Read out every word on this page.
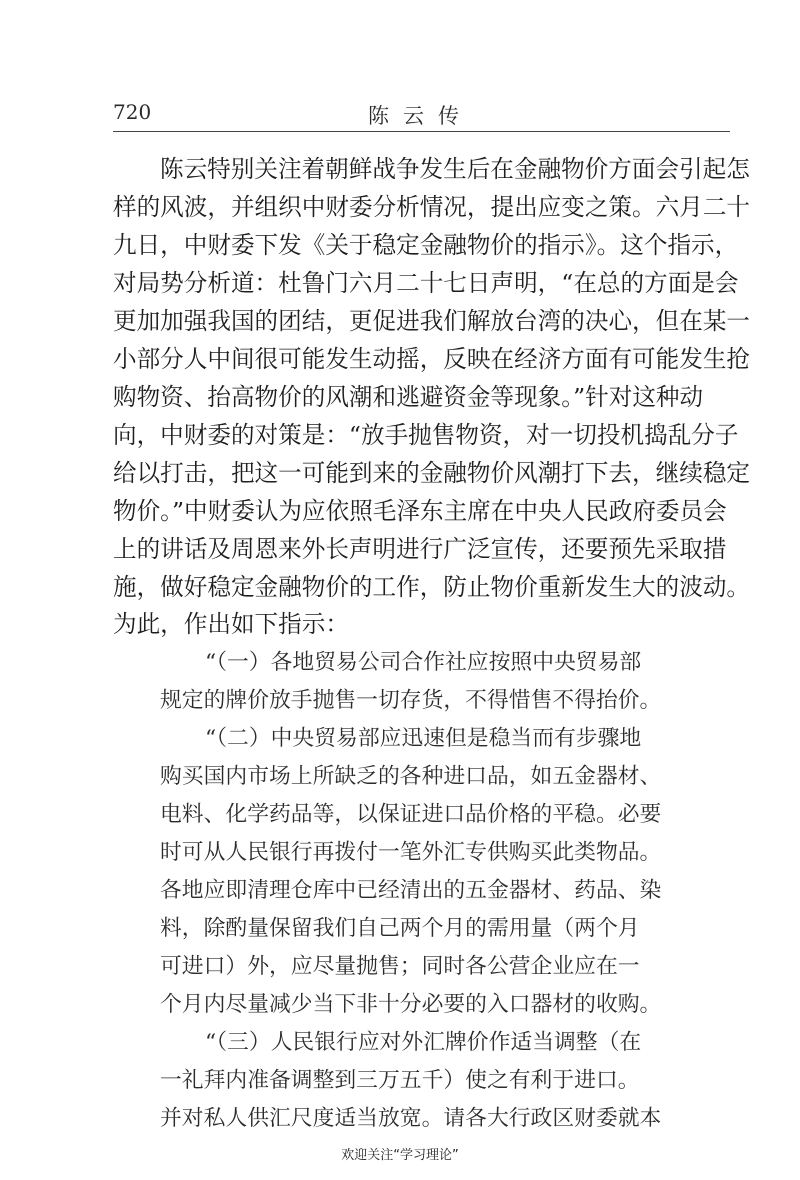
720	陈云传
陈云特别关注着朝鲜战争发生后在金融物价方面会引起怎
样的风波，并组织中财委分析情况，提出应变之策。六月二十
九日，中财委下发《关于稳定金融物价的指示》。这个指示，
对局势分析道：杜鲁门六月二十七日声明，“在总的方面是会
更加加强我国的团结，更促进我们解放台湾的决心，但在某一
小部分人中间很可能发生动摇，反映在经济方面有可能发生抢
购物资、抬高物价的风潮和逃避资金等现象。”针对这种动
向，中财委的对策是：“放手抛售物资，对一切投机捣乱分子
给以打击，把这一可能到来的金融物价风潮打下去，继续稳定
物价。”中财委认为应依照毛泽东主席在中央人民政府委员会
上的讲话及周恩来外长声明进行广泛宣传，还要预先采取措
施，做好稳定金融物价的工作，防止物价重新发生大的波动。
为此，作出如下指示：
“（一）各地贸易公司合作社应按照中央贸易部
规定的牌价放手抛售一切存货，不得惜售不得抬价。
“（二）中央贸易部应迅速但是稳当而有步骤地
购买国内市场上所缺乏的各种进口品，如五金器材、
电料、化学药品等，以保证进口品价格的平稳。必要
时可从人民银行再拨付一笔外汇专供购买此类物品。
各地应即清理仓库中已经清出的五金器材、药品、染
料，除酌量保留我们自己两个月的需用量（两个月
可进口）外，应尽量抛售；同时各公营企业应在一
个月内尽量减少当下非十分必要的入口器材的收购。
“（三）人民银行应对外汇牌价作适当调整（在
一礼拜内准备调整到三万五千）使之有利于进口。
并对私人供汇尺度适当放宽。请各大行政区财委就本
欢迎关注“学习理论”
